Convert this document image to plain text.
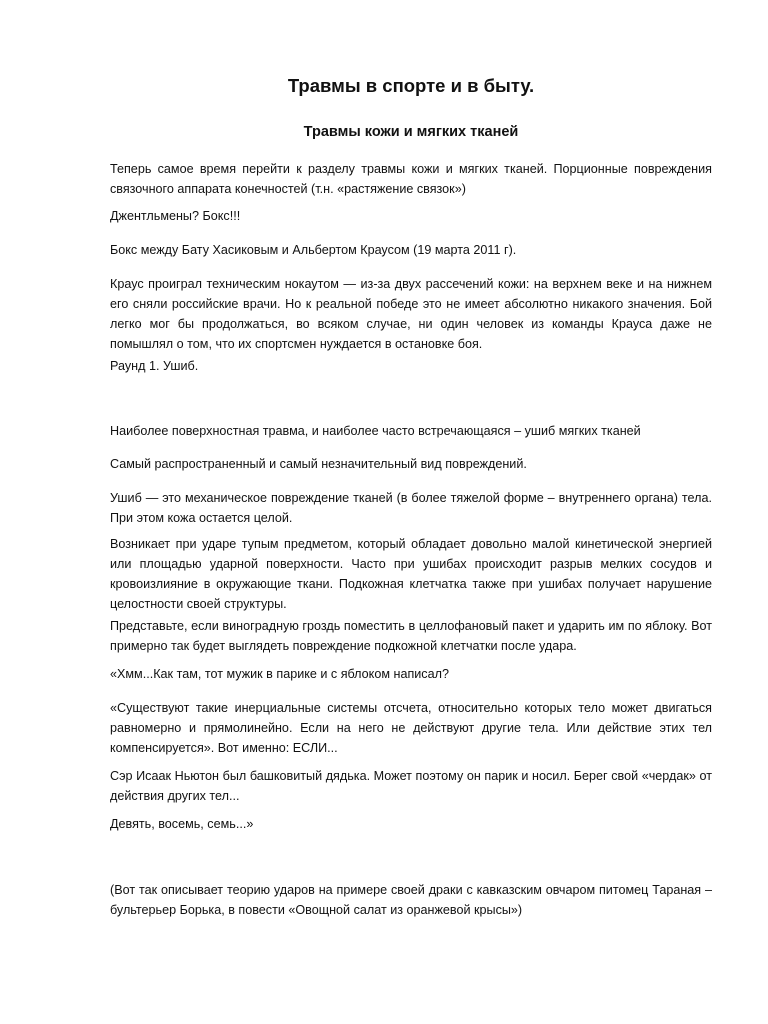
Травмы в спорте и в быту.
Травмы кожи и мягких тканей

Теперь самое время перейти к разделу травмы кожи и мягких тканей. Порционные повреждения связочного аппарата конечностей (т.н. «растяжение связок»)

Джентльмены? Бокс!!!

Бокс между Бату Хасиковым и Альбертом Краусом (19 марта 2011 г).

Краус проиграл техническим нокаутом — из-за двух рассечений кожи: на верхнем веке и на нижнем его сняли российские врачи. Но к реальной победе это не имеет абсолютно никакого значения. Бой легко мог бы продолжаться, во всяком случае, ни один человек из команды Крауса даже не помышлял о том, что их спортсмен нуждается в остановке боя.

Раунд 1. Ушиб.

Наиболее поверхностная травма, и наиболее часто встречающаяся – ушиб мягких тканей

Самый распространенный и самый незначительный вид повреждений.

Ушиб — это механическое повреждение тканей (в более тяжелой форме – внутреннего органа) тела. При этом кожа остается целой.

Возникает при ударе тупым предметом, который обладает довольно малой кинетической энергией или площадью ударной поверхности. Часто при ушибах происходит разрыв мелких сосудов и кровоизлияние в окружающие ткани. Подкожная клетчатка также при ушибах получает нарушение целостности своей структуры.

Представьте, если виноградную гроздь поместить в целлофановый пакет и ударить им по яблоку. Вот примерно так будет выглядеть повреждение подкожной клетчатки после удара.

«Хмм...Как там, тот мужик в парике и с яблоком написал?

«Существуют такие инерциальные системы отсчета, относительно которых тело может двигаться равномерно и прямолинейно. Если на него не действуют другие тела. Или действие этих тел компенсируется». Вот именно: ЕСЛИ...

Сэр Исаак Ньютон был башковитый дядька. Может поэтому он парик и носил. Берег свой «чердак» от действия других тел...

Девять, восемь, семь...»

(Вот так описывает теорию ударов на примере своей драки с кавказским овчаром питомец Таранaя – бультерьер Борька, в повести «Овощной салат из оранжевой крысы»)
